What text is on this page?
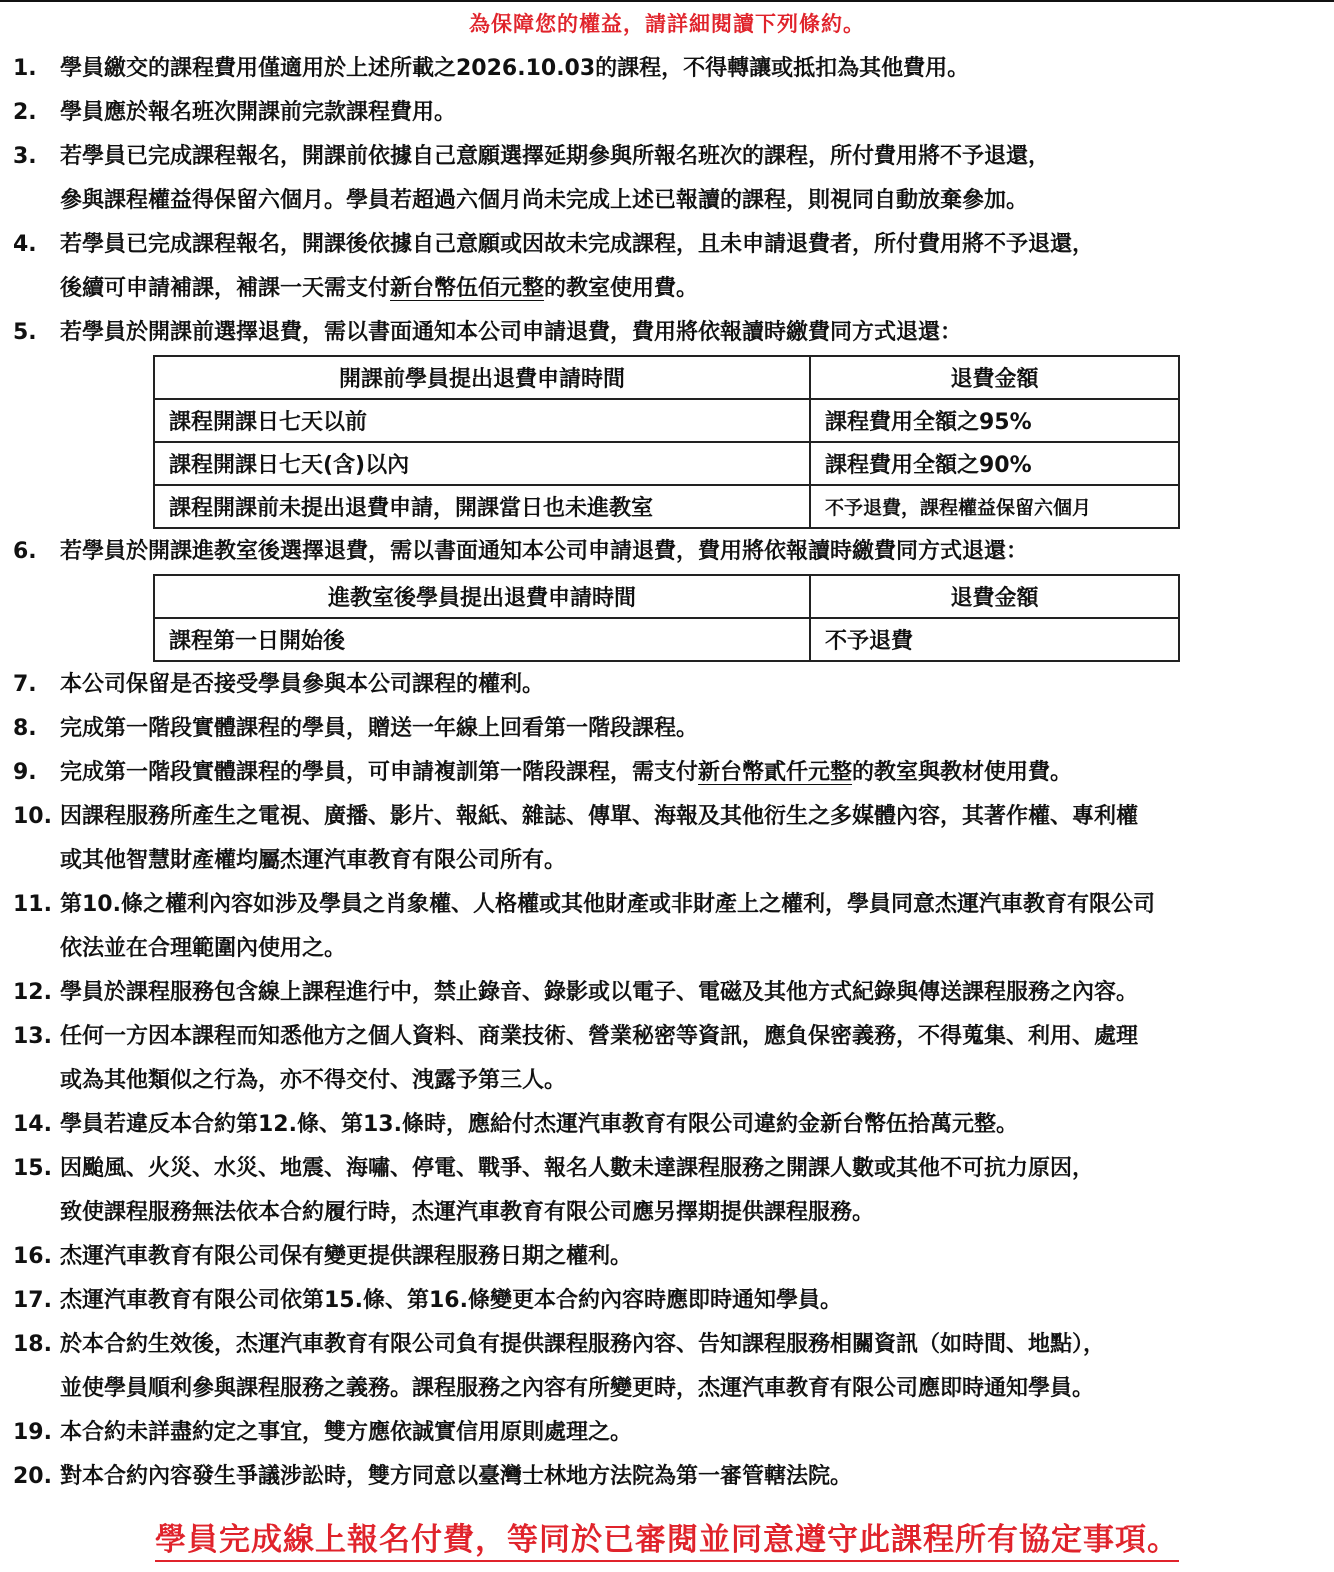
為保障您的權益，請詳細閱讀下列條約。
1. 學員繳交的課程費用僅適用於上述所載之2026.10.03的課程，不得轉讓或抵扣為其他費用。
2. 學員應於報名班次開課前完款課程費用。
3. 若學員已完成課程報名，開課前依據自己意願選擇延期參與所報名班次的課程，所付費用將不予退還，
參與課程權益得保留六個月。學員若超過六個月尚未完成上述已報讀的課程，則視同自動放棄參加。
4. 若學員已完成課程報名，開課後依據自己意願或因故未完成課程，且未申請退費者，所付費用將不予退還，
後續可申請補課，補課一天需支付新台幣伍佰元整的教室使用費。
5. 若學員於開課前選擇退費，需以書面通知本公司申請退費，費用將依報讀時繳費同方式退還：
開課前學員提出退費申請時間	退費金額
課程開課日七天以前	課程費用全額之95%
課程開課日七天(含)以內	課程費用全額之90%
課程開課前未提出退費申請，開課當日也未進教室	不予退費，課程權益保留六個月
6. 若學員於開課進教室後選擇退費，需以書面通知本公司申請退費，費用將依報讀時繳費同方式退還：
進教室後學員提出退費申請時間	退費金額
課程第一日開始後	不予退費
7. 本公司保留是否接受學員參與本公司課程的權利。
8. 完成第一階段實體課程的學員，贈送一年線上回看第一階段課程。
9. 完成第一階段實體課程的學員，可申請複訓第一階段課程，需支付新台幣貳仟元整的教室與教材使用費。
10. 因課程服務所產生之電視、廣播、影片、報紙、雜誌、傳單、海報及其他衍生之多媒體內容，其著作權、專利權
或其他智慧財產權均屬杰運汽車教育有限公司所有。
11. 第10.條之權利內容如涉及學員之肖象權、人格權或其他財產或非財產上之權利，學員同意杰運汽車教育有限公司
依法並在合理範圍內使用之。
12. 學員於課程服務包含線上課程進行中，禁止錄音、錄影或以電子、電磁及其他方式紀錄與傳送課程服務之內容。
13. 任何一方因本課程而知悉他方之個人資料、商業技術、營業秘密等資訊，應負保密義務，不得蒐集、利用、處理
或為其他類似之行為，亦不得交付、洩露予第三人。
14. 學員若違反本合約第12.條、第13.條時，應給付杰運汽車教育有限公司違約金新台幣伍拾萬元整。
15. 因颱風、火災、水災、地震、海嘯、停電、戰爭、報名人數未達課程服務之開課人數或其他不可抗力原因，
致使課程服務無法依本合約履行時，杰運汽車教育有限公司應另擇期提供課程服務。
16. 杰運汽車教育有限公司保有變更提供課程服務日期之權利。
17. 杰運汽車教育有限公司依第15.條、第16.條變更本合約內容時應即時通知學員。
18. 於本合約生效後，杰運汽車教育有限公司負有提供課程服務內容、告知課程服務相關資訊（如時間、地點），
並使學員順利參與課程服務之義務。課程服務之內容有所變更時，杰運汽車教育有限公司應即時通知學員。
19. 本合約未詳盡約定之事宜，雙方應依誠實信用原則處理之。
20. 對本合約內容發生爭議涉訟時，雙方同意以臺灣士林地方法院為第一審管轄法院。
學員完成線上報名付費，等同於已審閱並同意遵守此課程所有協定事項。
